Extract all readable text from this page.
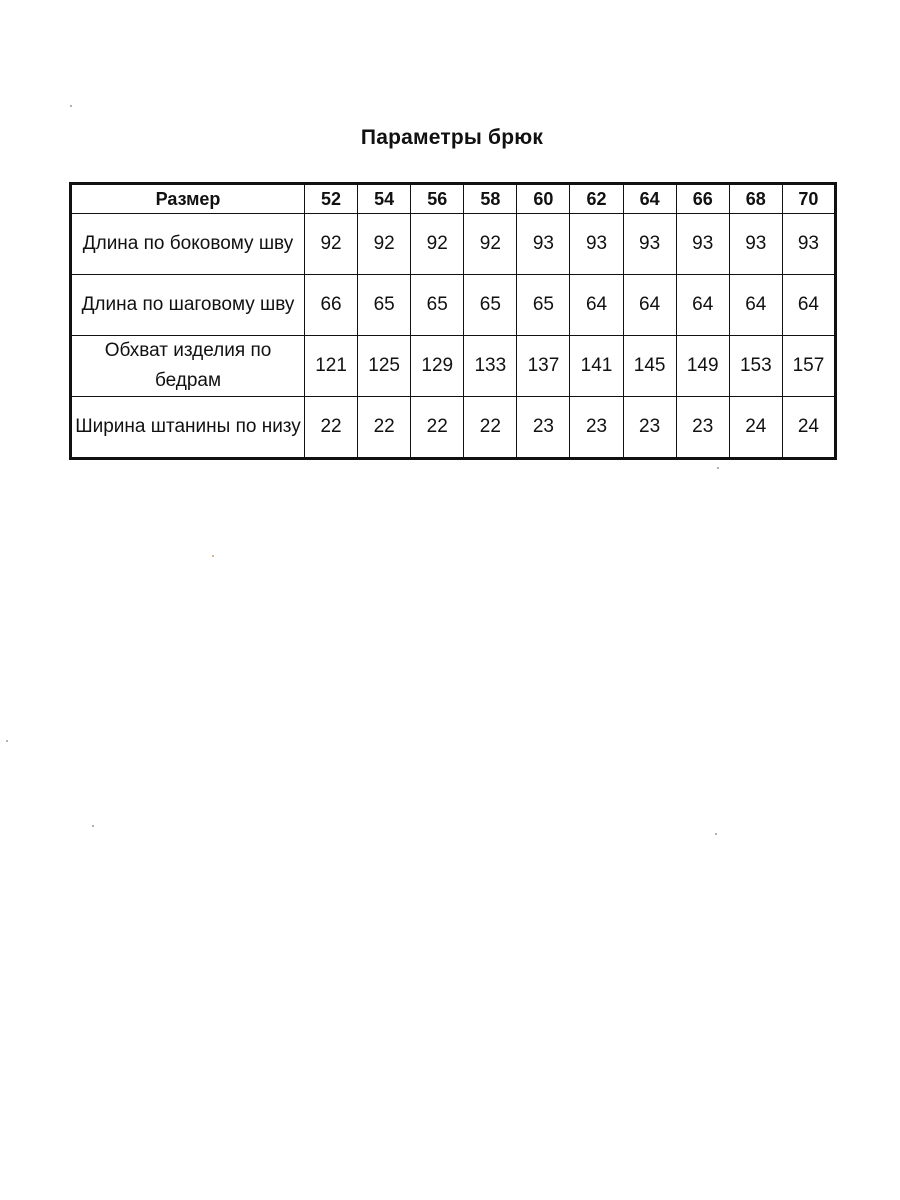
Параметры брюк
Размер	52	54	56	58	60	62	64	66	68	70
Длина по боковому шву	92	92	92	92	93	93	93	93	93	93
Длина по шаговому шву	66	65	65	65	65	64	64	64	64	64
Обхват изделия по бедрам	121	125	129	133	137	141	145	149	153	157
Ширина штанины по низу	22	22	22	22	23	23	23	23	24	24
